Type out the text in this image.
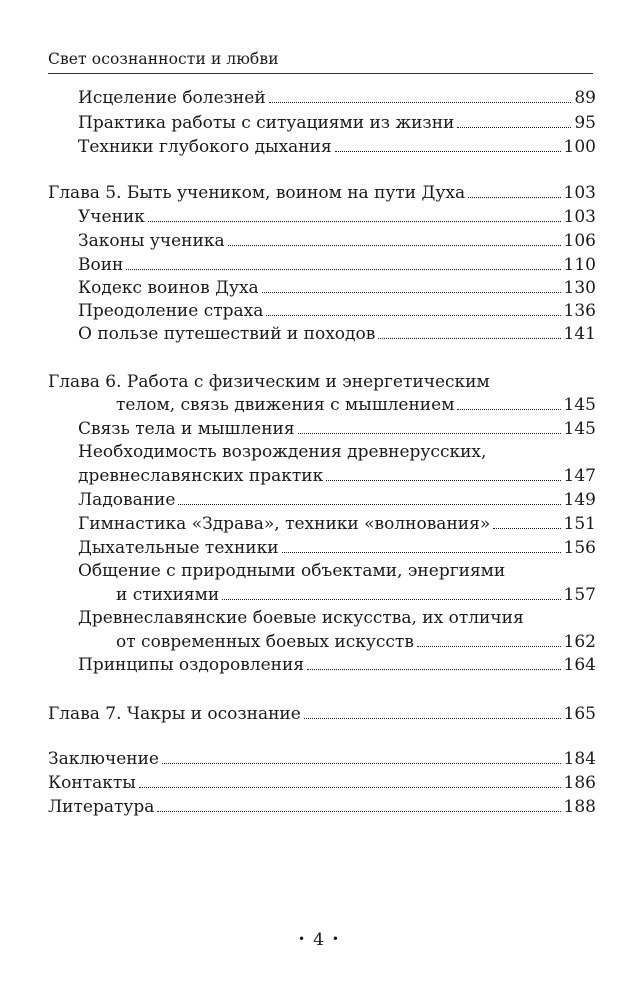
Свет осознанности и любви
Исцеление болезней	89
Практика работы с ситуациями из жизни	95
Техники глубокого дыхания	100
Глава 5. Быть учеником, воином на пути Духа	103
Ученик	103
Законы ученика	106
Воин	110
Кодекс воинов Духа	130
Преодоление страха	136
О пользе путешествий и походов	141
Глава 6. Работа с физическим и энергетическим
телом, связь движения с мышлением	145
Связь тела и мышления	145
Необходимость возрождения древнерусских,
древнеславянских практик	147
Ладование	149
Гимнастика «Здрава», техники «волнования»	151
Дыхательные техники	156
Общение с природными объектами, энергиями
и стихиями	157
Древнеславянские боевые искусства, их отличия
от современных боевых искусств	162
Принципы оздоровления	164
Глава 7. Чакры и осознание	165
Заключение	184
Контакты	186
Литература	188
• 4 •
